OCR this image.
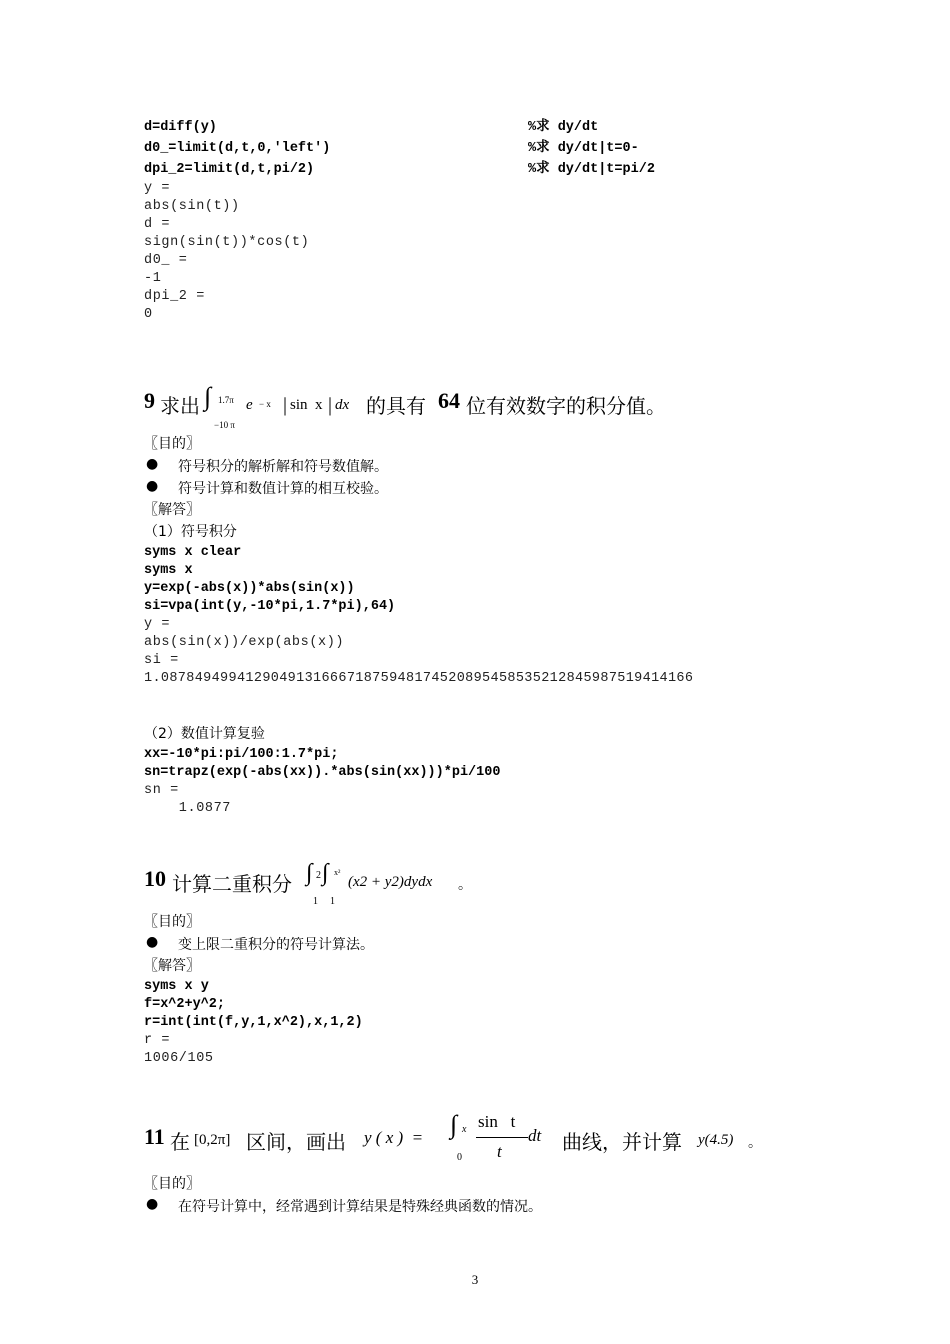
d=diff(y)	%求 dy/dt
d0_=limit(d,t,0,'left')	%求 dy/dt|t=0-
dpi_2=limit(d,t,pi/2)	%求 dy/dt|t=pi/2
y =
abs(sin(t))
d =
sign(sin(t))*cos(t)
d0_ =
-1
dpi_2 =
0
9 求出 ∫ 1.7π
−10 π
e − x | sin  x | dx 的具有 64 位有效数字的积分值。
〖目的〗
● 符号积分的解析解和符号数值解。
● 符号计算和数值计算的相互校验。
〖解答〗
（1）符号积分
syms x clear
syms x
y=exp(-abs(x))*abs(sin(x))
si=vpa(int(y,-10*pi,1.7*pi),64)
y =
abs(sin(x))/exp(abs(x))
si =
1.087849499412904913166671875948174520895458535212845987519414166
（2）数值计算复验
xx=-10*pi:pi/100:1.7*pi;
sn=trapz(exp(-abs(xx)).*abs(sin(xx)))*pi/100
sn =
1.0877
10 计算二重积分 ∫ 2 ∫ x²
1 1
(x2 + y2)dydx 。
〖目的〗
● 变上限二重积分的符号计算法。
〖解答〗
syms x y
f=x^2+y^2;
r=int(int(f,y,1,x^2),x,1,2)
r =
1006/105
11 在 [0,2π] 区间，画出 y ( x )  = ∫ x
0
sin   t
t
dt 曲线，并计算 y(4.5) 。
〖目的〗
● 在符号计算中，经常遇到计算结果是特殊经典函数的情况。
3
